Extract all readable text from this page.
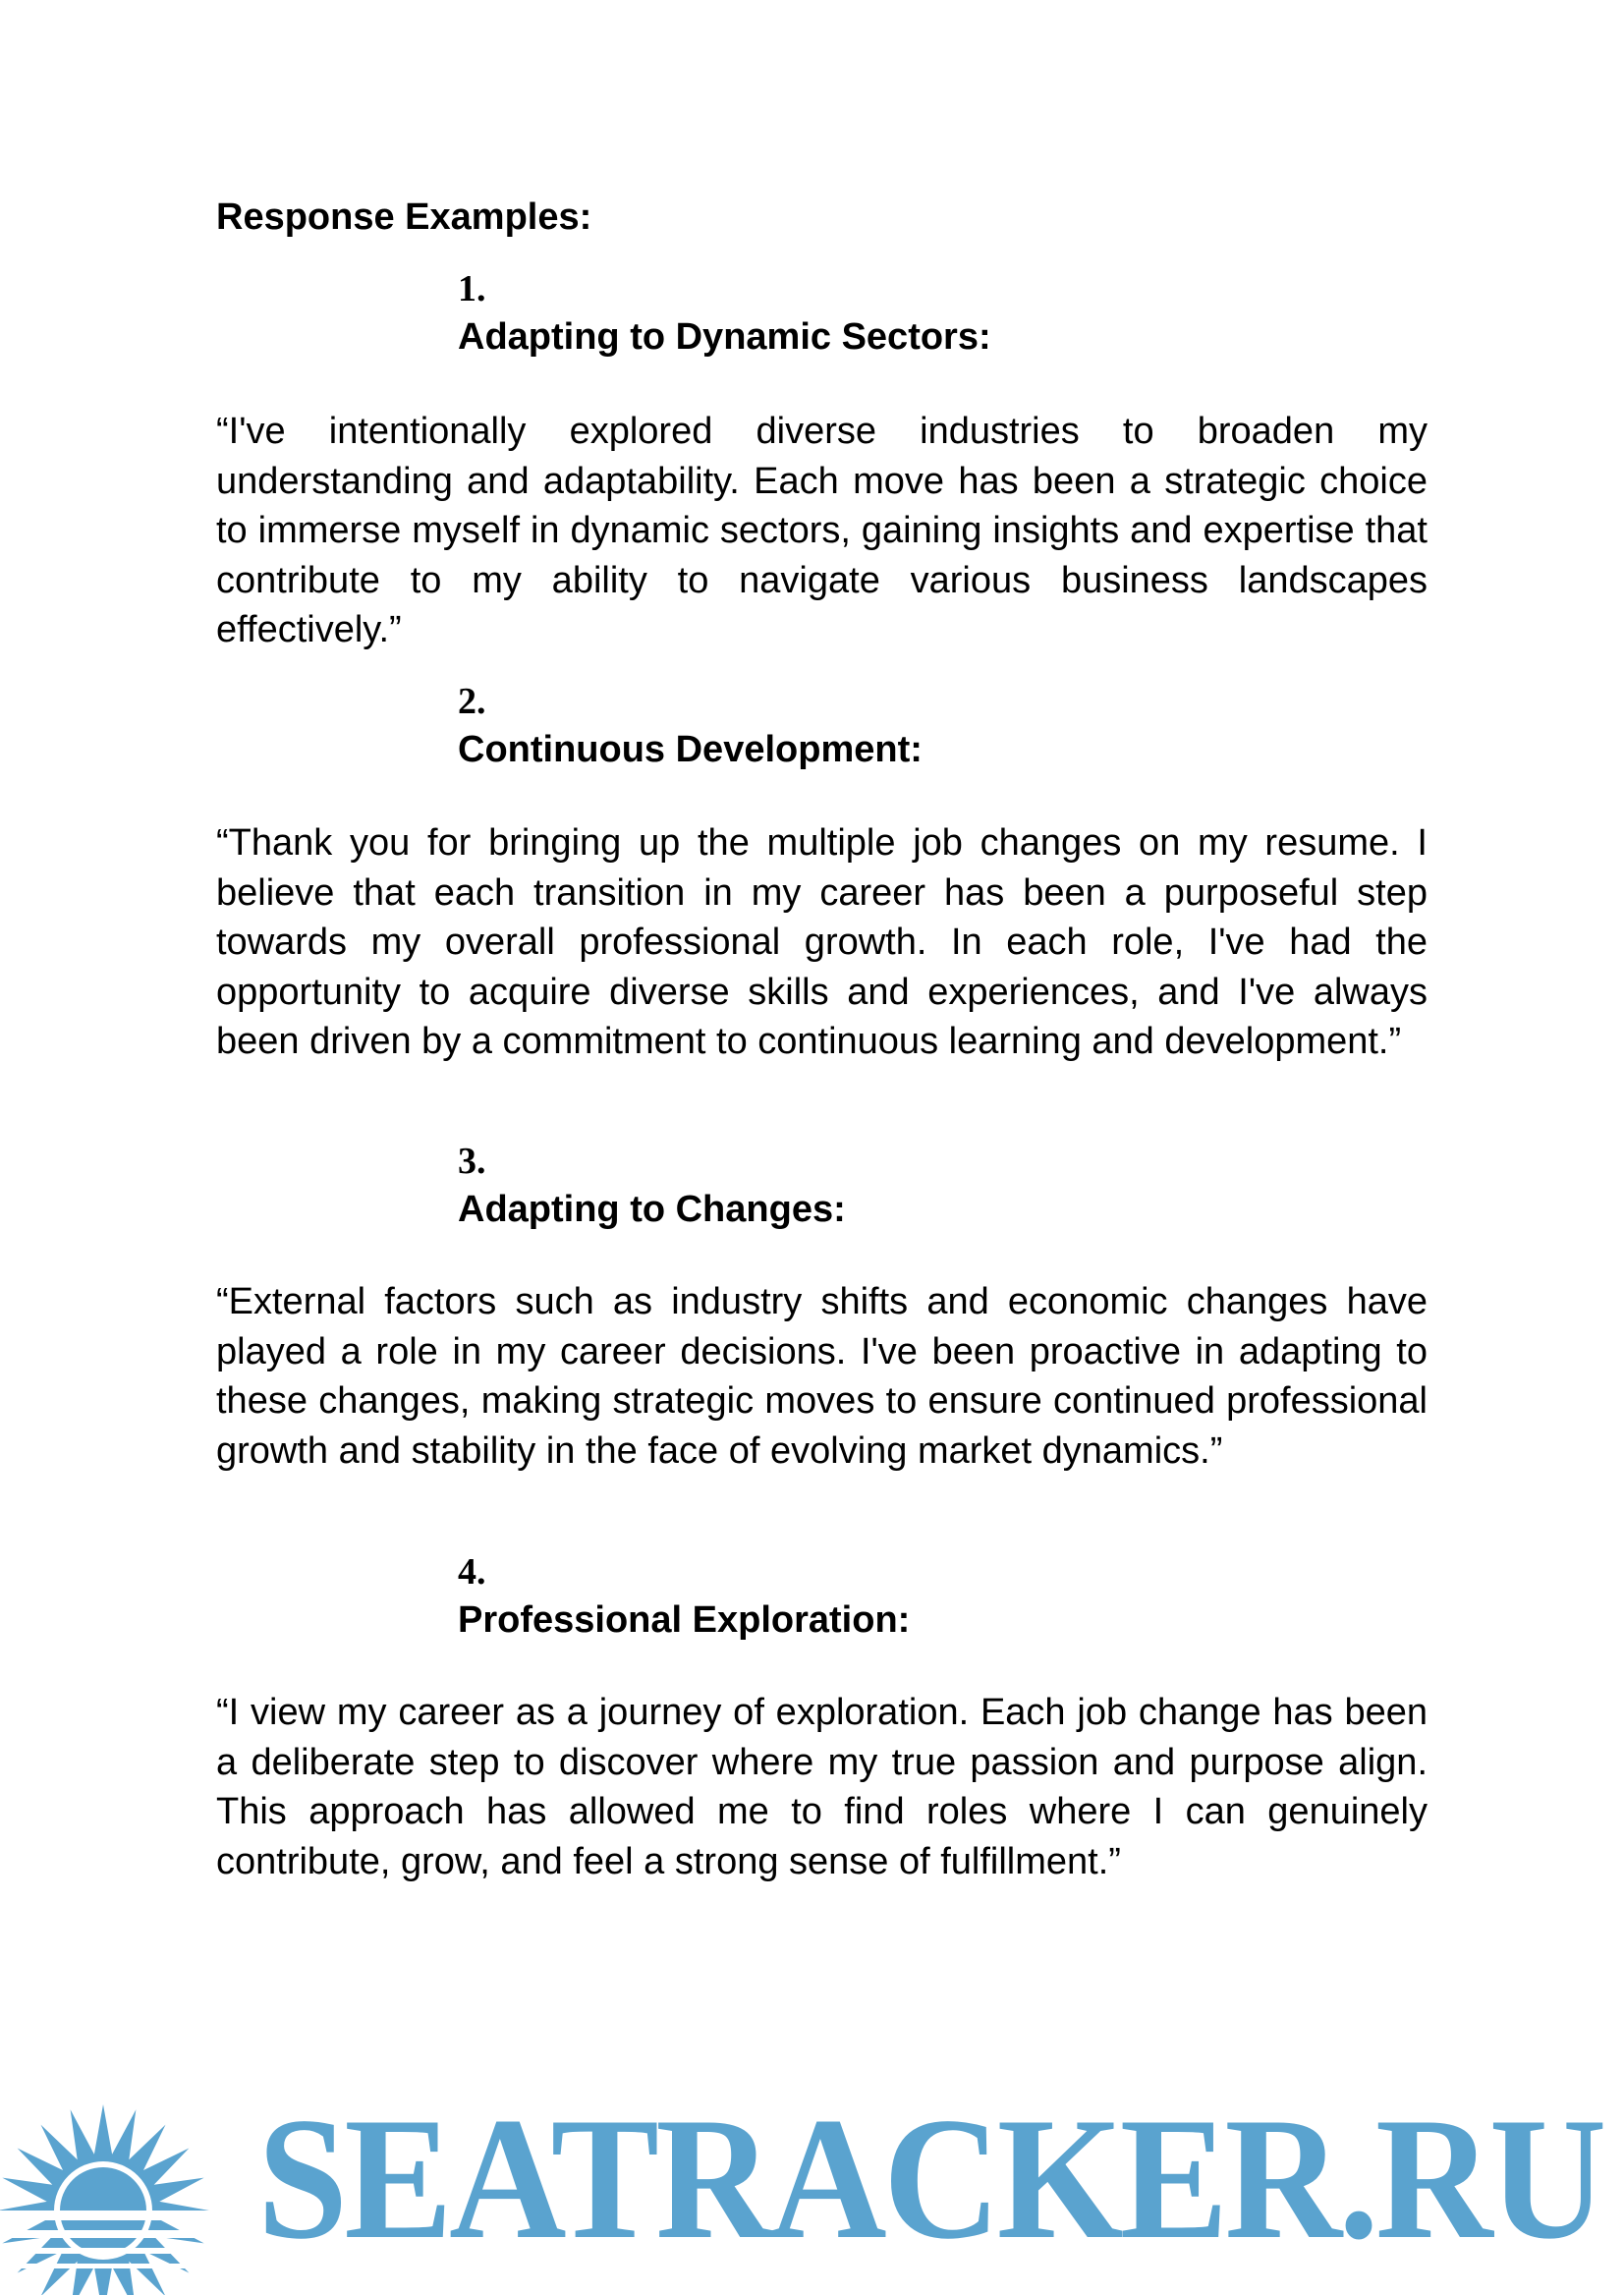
Response Examples:
1.
Adapting to Dynamic Sectors:

“I've intentionally explored diverse industries to broaden my understanding and adaptability. Each move has been a strategic choice to immerse myself in dynamic sectors, gaining insights and expertise that contribute to my ability to navigate various business landscapes effectively.”

2.
Continuous Development:

“Thank you for bringing up the multiple job changes on my resume. I believe that each transition in my career has been a purposeful step towards my overall professional growth. In each role, I've had the opportunity to acquire diverse skills and experiences, and I've always been driven by a commitment to continuous learning and development.”

3.
Adapting to Changes:

“External factors such as industry shifts and economic changes have played a role in my career decisions. I've been proactive in adapting to these changes, making strategic moves to ensure continued professional growth and stability in the face of evolving market dynamics.”

4.
Professional Exploration:

“I view my career as a journey of exploration. Each job change has been a deliberate step to discover where my true passion and purpose align. This approach has allowed me to find roles where I can genuinely contribute, grow, and feel a strong sense of fulfillment.”

SEATRACKER.RU
